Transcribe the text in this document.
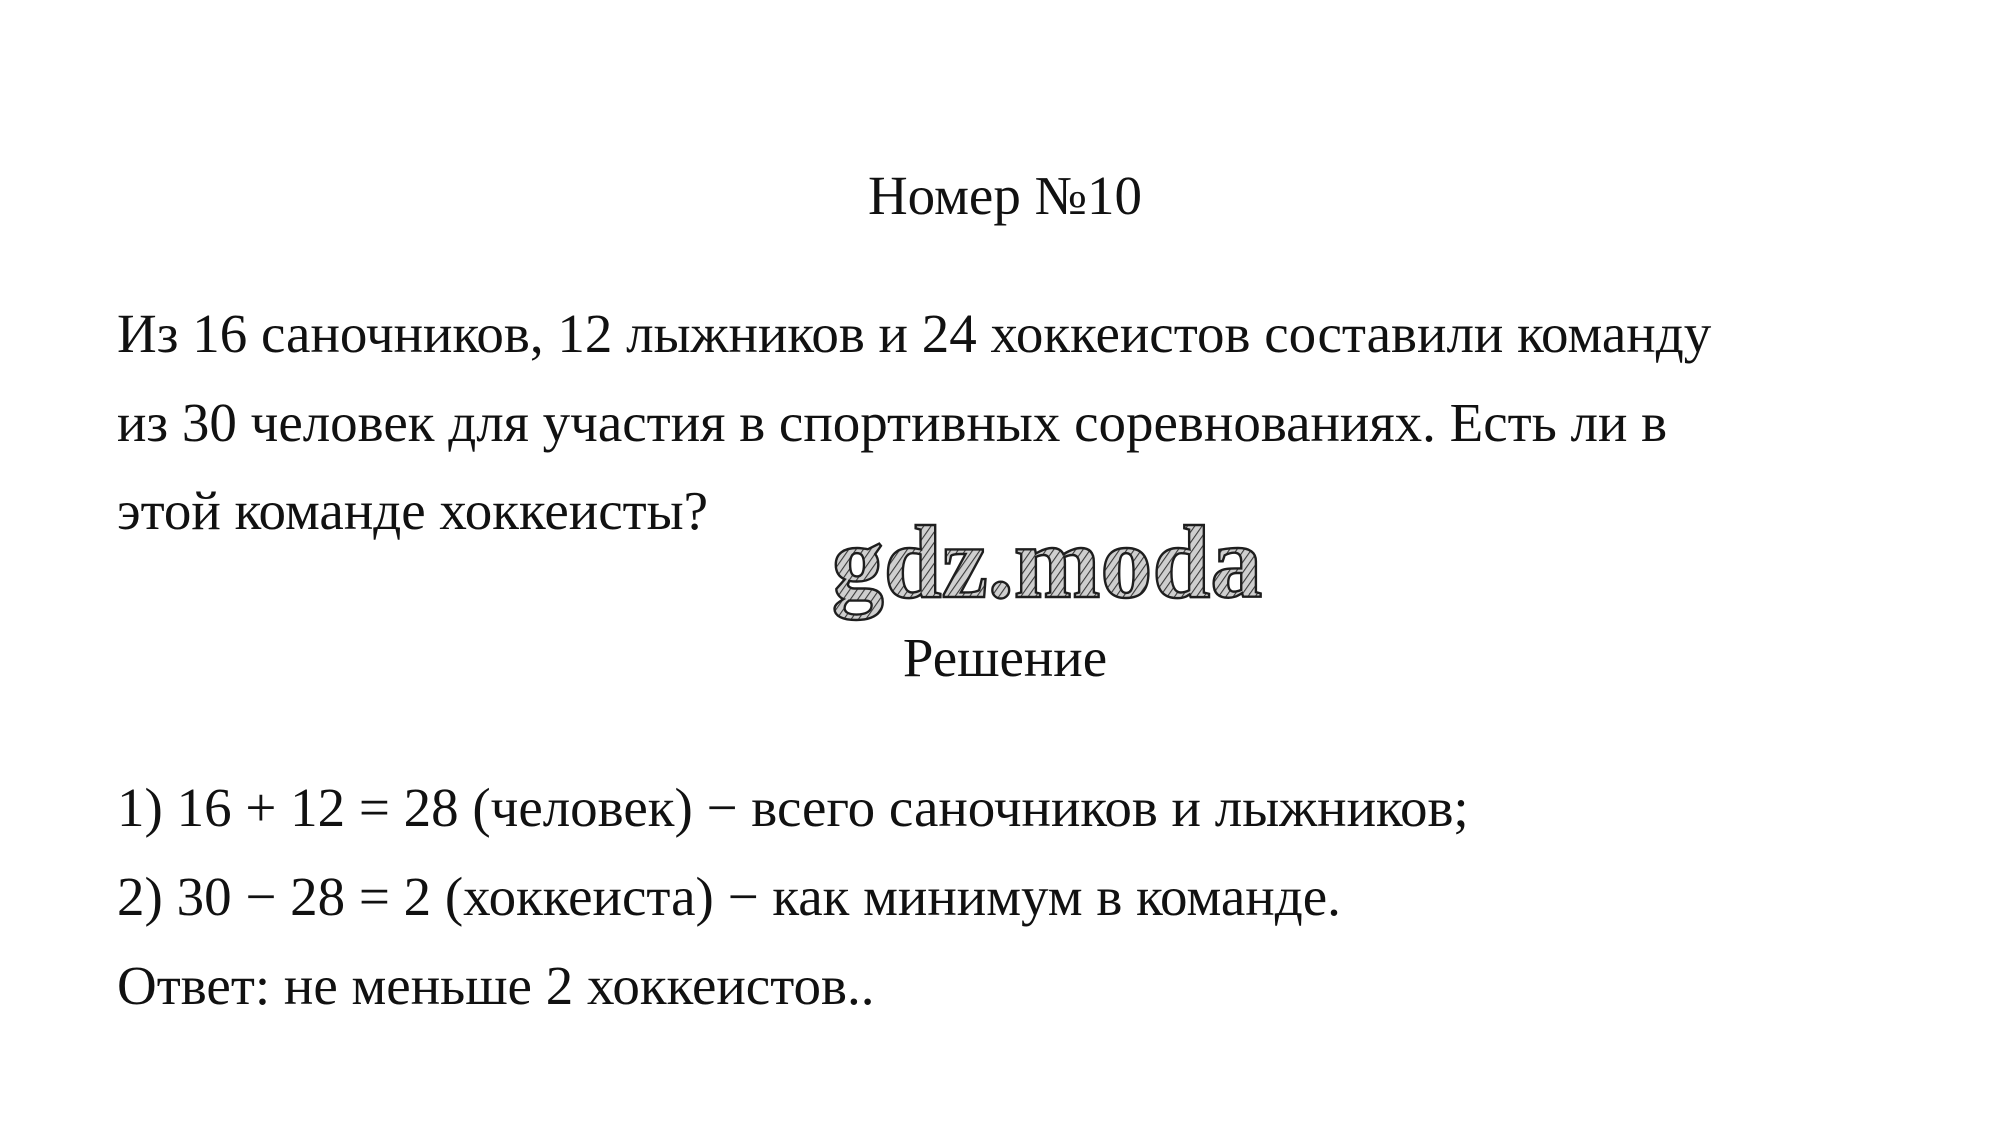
Номер №10
Из 16 саночников, 12 лыжников и 24 хоккеистов составили команду
из 30 человек для участия в спортивных соревнованиях. Есть ли в
этой команде хоккеисты? gdz.moda
Решение
1) 16 + 12 = 28 (человек) − всего саночников и лыжников;
2) 30 − 28 = 2 (хоккеиста) − как минимум в команде.
Ответ: не меньше 2 хоккеистов..
